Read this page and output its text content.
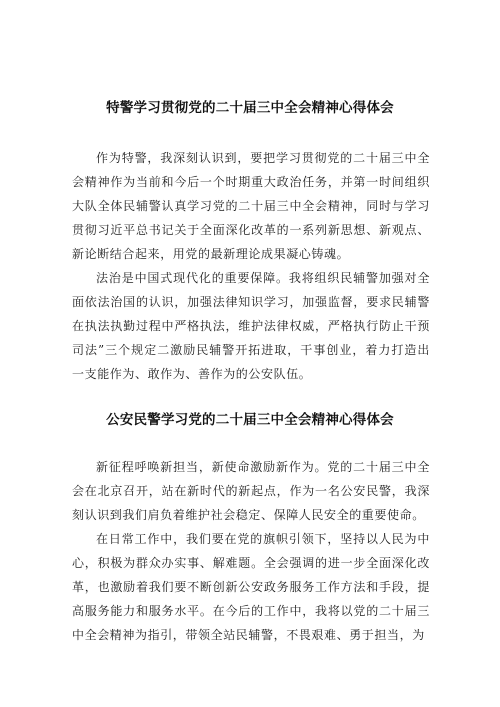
特警学习贯彻党的二十届三中全会精神心得体会
作为特警，我深刻认识到，要把学习贯彻党的二十届三中全会精神作为当前和今后一个时期重大政治任务，并第一时间组织大队全体民辅警认真学习党的二十届三中全会精神，同时与学习贯彻习近平总书记关于全面深化改革的一系列新思想、新观点、新论断结合起来，用党的最新理论成果凝心铸魂。
法治是中国式现代化的重要保障。我将组织民辅警加强对全面依法治国的认识，加强法律知识学习，加强监督，要求民辅警在执法执勤过程中严格执法，维护法律权威，严格执行防止干预司法”三个规定二激励民辅警开拓进取，干事创业，着力打造出一支能作为、敢作为、善作为的公安队伍。
公安民警学习党的二十届三中全会精神心得体会
新征程呼唤新担当，新使命激励新作为。党的二十届三中全会在北京召开，站在新时代的新起点，作为一名公安民警，我深刻认识到我们肩负着维护社会稳定、保障人民安全的重要使命。
在日常工作中，我们要在党的旗帜引领下，坚持以人民为中心，积极为群众办实事、解难题。全会强调的进一步全面深化改革，也激励着我们要不断创新公安政务服务工作方法和手段，提高服务能力和服务水平。在今后的工作中，我将以党的二十届三中全会精神为指引，带领全站民辅警，不畏艰难、勇于担当，为
